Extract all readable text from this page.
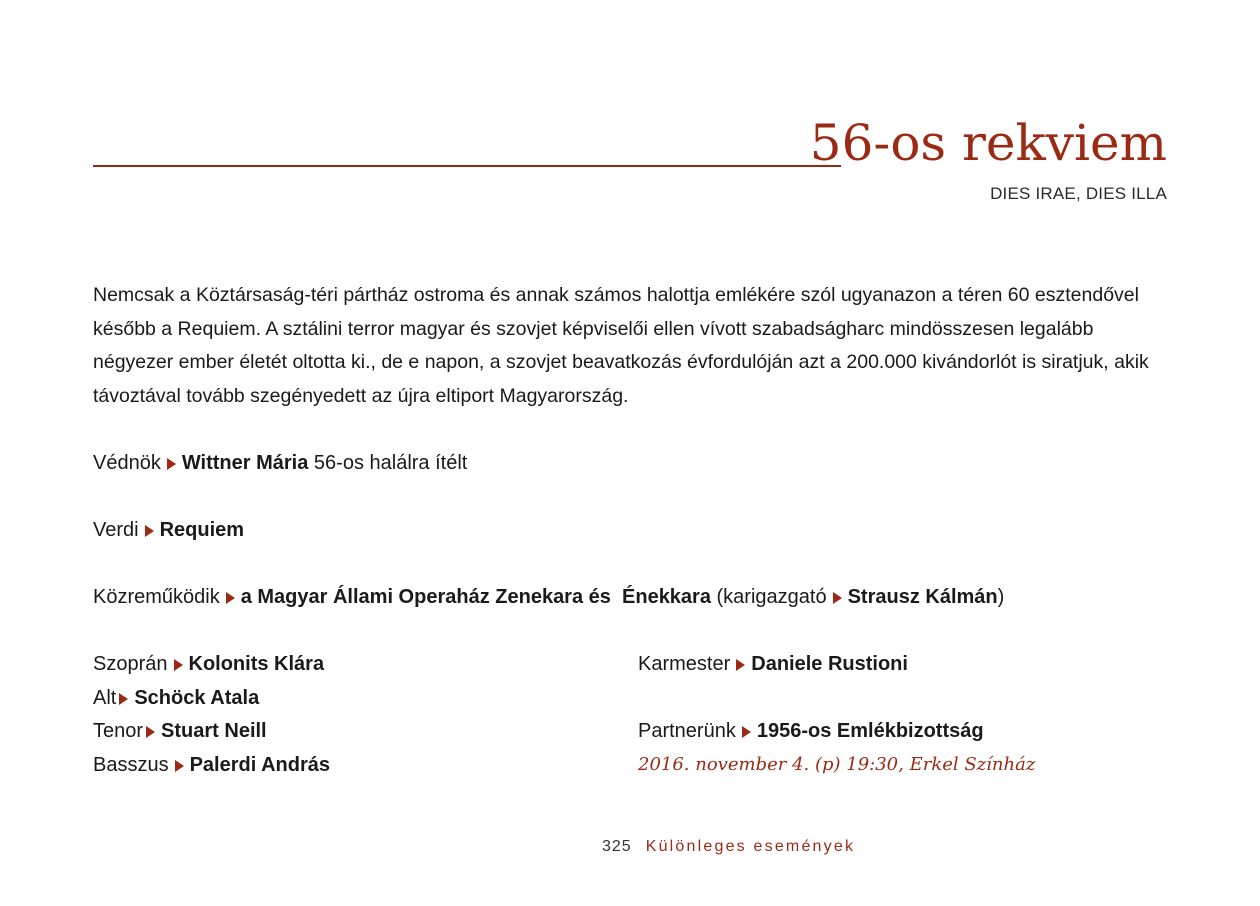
56-os rekviem
DIES IRAE, DIES ILLA

Nemcsak a Köztársaság-téri pártház ostroma és annak számos halottja emlékére szól ugyanazon a téren 60 esztendővel később a Requiem. A sztálini terror magyar és szovjet képviselői ellen vívott szabadságharc mindösszesen legalább négyezer ember életét oltotta ki., de e napon, a szovjet beavatkozás évfordulóján azt a 200.000 kivándorlót is siratjuk, akik távoztával tovább szegényedett az újra eltiport Magyarország.

Védnök Wittner Mária 56-os halálra ítélt
Verdi Requiem
Közreműködik a Magyar Állami Operaház Zenekara és  Énekkara (karigazgató Strausz Kálmán)
Szoprán Kolonits Klára
Alt Schöck Atala
Tenor Stuart Neill
Basszus Palerdi András
Karmester Daniele Rustioni
Partnerünk 1956-os Emlékbizottság
2016. november 4. (p) 19:30, Erkel Színház
325 Különleges események
